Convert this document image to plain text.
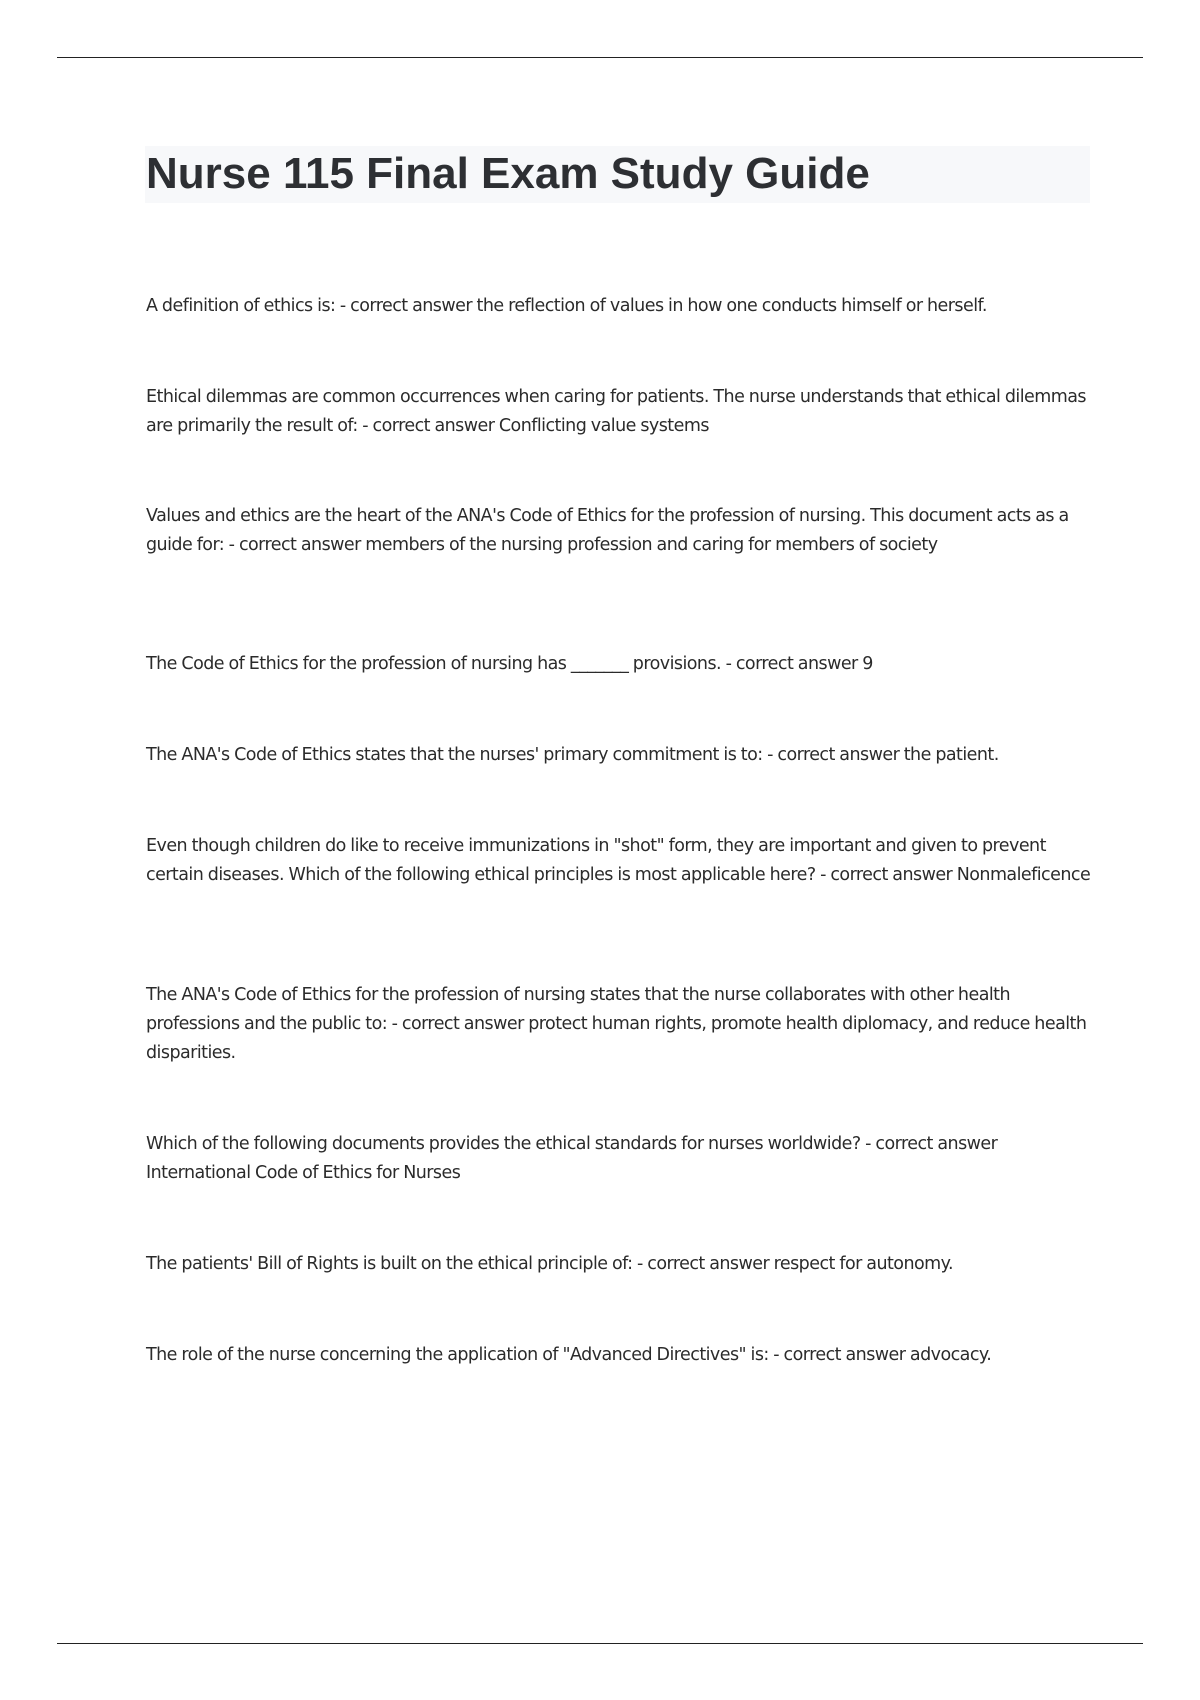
Nurse 115 Final Exam Study Guide
A definition of ethics is: - correct answer the reflection of values in how one conducts himself or herself.
Ethical dilemmas are common occurrences when caring for patients. The nurse understands that ethical dilemmas are primarily the result of: - correct answer Conflicting value systems
Values and ethics are the heart of the ANA's Code of Ethics for the profession of nursing. This document acts as a guide for: - correct answer members of the nursing profession and caring for members of society
The Code of Ethics for the profession of nursing has _______ provisions. - correct answer 9
The ANA's Code of Ethics states that the nurses' primary commitment is to: - correct answer the patient.
Even though children do like to receive immunizations in "shot" form, they are important and given to prevent certain diseases. Which of the following ethical principles is most applicable here? - correct answer Nonmaleficence
The ANA's Code of Ethics for the profession of nursing states that the nurse collaborates with other health professions and the public to: - correct answer protect human rights, promote health diplomacy, and reduce health disparities.
Which of the following documents provides the ethical standards for nurses worldwide? - correct answer International Code of Ethics for Nurses
The patients' Bill of Rights is built on the ethical principle of: - correct answer respect for autonomy.
The role of the nurse concerning the application of "Advanced Directives" is: - correct answer advocacy.
